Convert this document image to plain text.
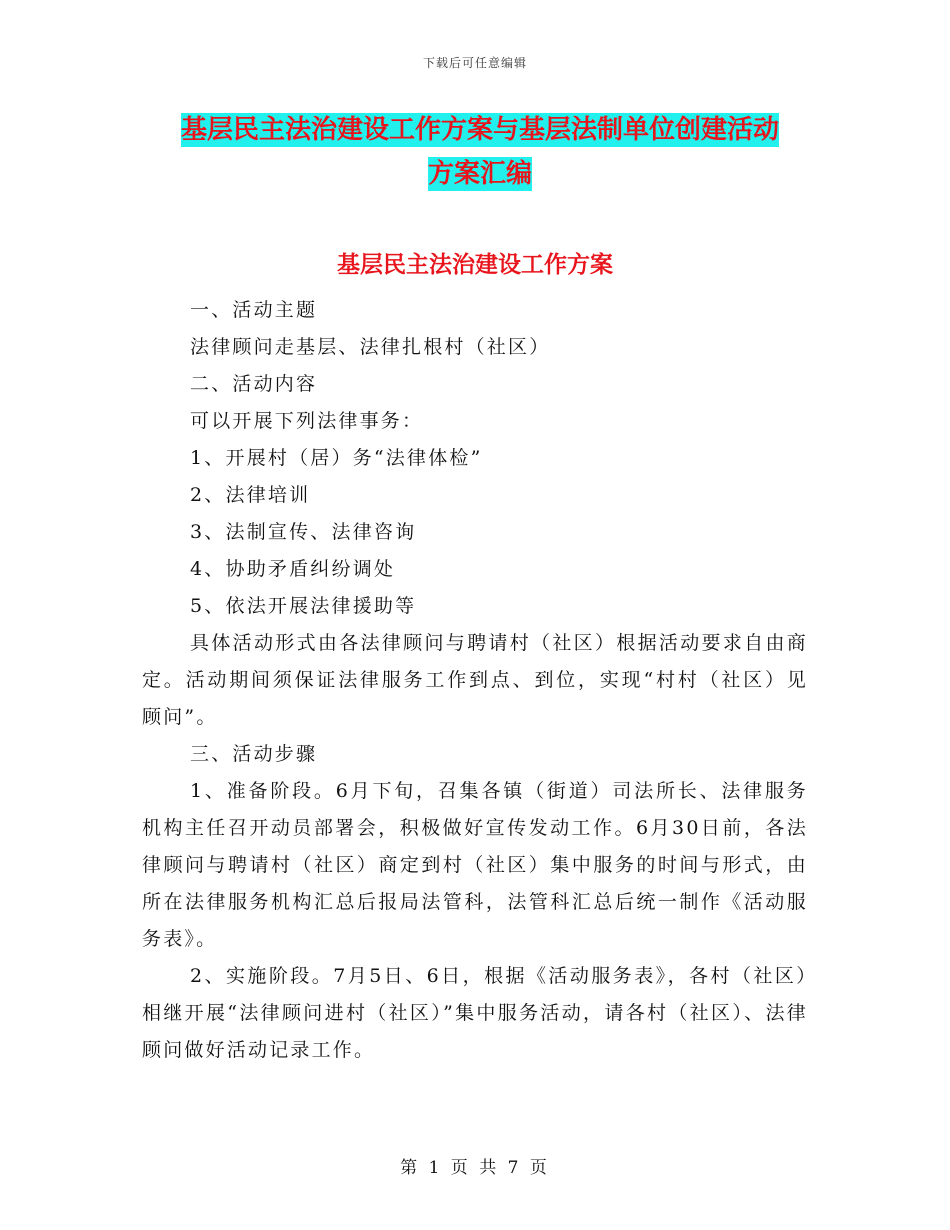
下载后可任意编辑
基层民主法治建设工作方案与基层法制单位创建活动
方案汇编
基层民主法治建设工作方案

一、活动主题

法律顾问走基层、法律扎根村（社区）

二、活动内容

可以开展下列法律事务：

1、开展村（居）务“法律体检”

2、法律培训

3、法制宣传、法律咨询

4、协助矛盾纠纷调处

5、依法开展法律援助等

具体活动形式由各法律顾问与聘请村（社区）根据活动要求自由商定。活动期间须保证法律服务工作到点、到位，实现“村村（社区）见顾问”。

三、活动步骤

1、准备阶段。6月下旬，召集各镇（街道）司法所长、法律服务机构主任召开动员部署会，积极做好宣传发动工作。6月30日前，各法律顾问与聘请村（社区）商定到村（社区）集中服务的时间与形式，由所在法律服务机构汇总后报局法管科，法管科汇总后统一制作《活动服务表》。

2、实施阶段。7月5日、6日，根据《活动服务表》，各村（社区）相继开展“法律顾问进村（社区）”集中服务活动，请各村（社区）、法律顾问做好活动记录工作。

第 1 页 共 7 页
